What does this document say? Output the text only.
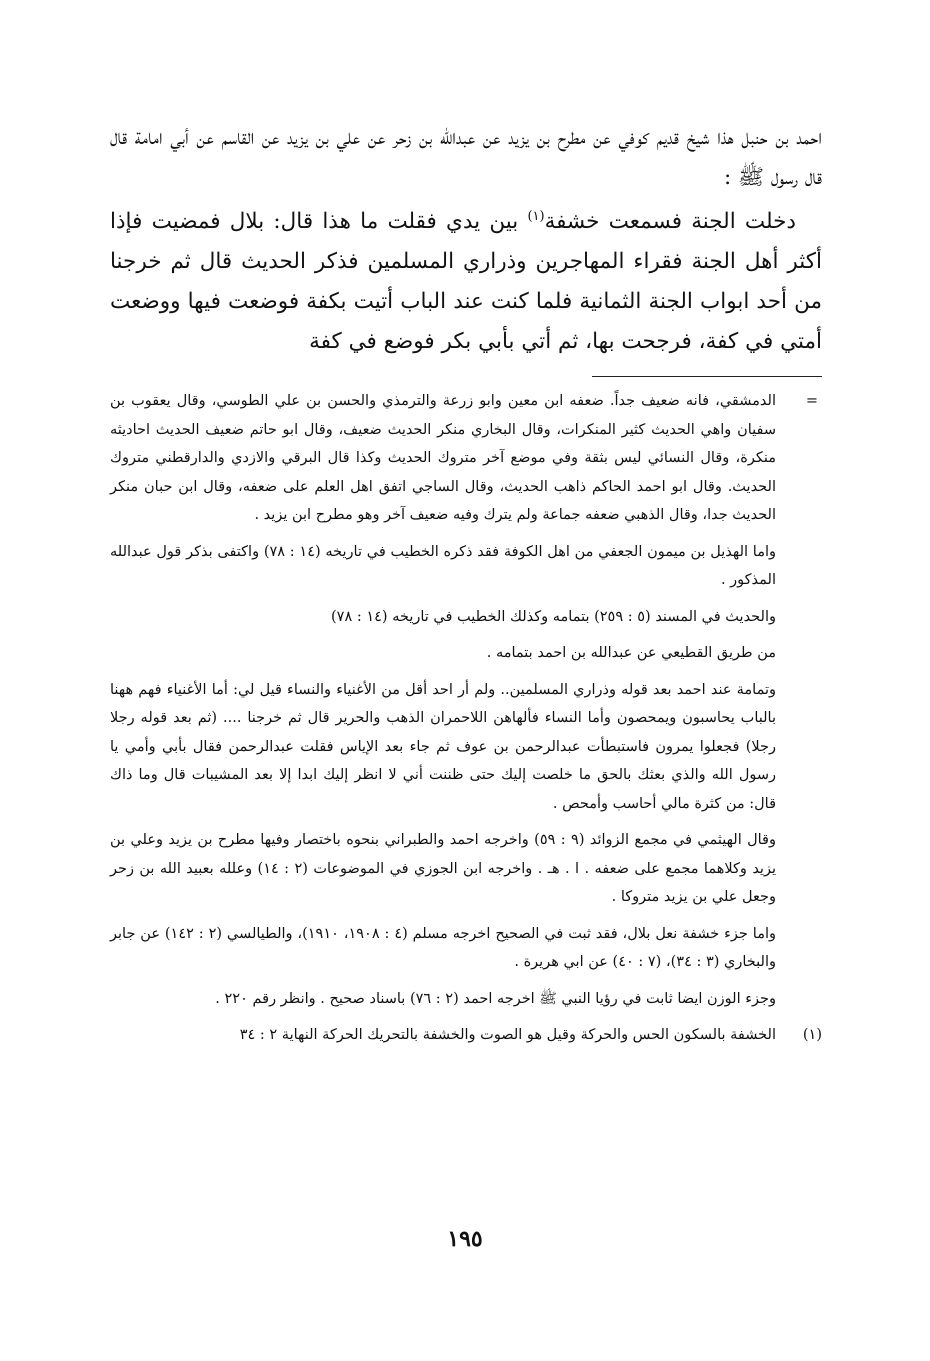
احمد بن حنبل هذا شيخ قديم كوفي عن مطرح بن يزيد عن عبدالله بن زحر عن علي بن يزيد عن القاسم عن أبي امامة قال قال رسول ﷺ :

دخلت الجنة فسمعت خشفة$^{(١)}$ بين يدي فقلت ما هذا قال: بلال فمضيت فإذا أكثر أهل الجنة فقراء المهاجرين وذراري المسلمين فذكر الحديث قال ثم خرجنا من أحد ابواب الجنة الثمانية فلما كنت عند الباب أتيت بكفة فوضعت فيها ووضعت أمتي في كفة، فرجحت بها، ثم أتي بأبي بكر فوضع في كفة

=
الدمشقي، فانه ضعيف جداً. ضعفه ابن معين وابو زرعة والترمذي والحسن بن علي الطوسي، وقال يعقوب بن سفيان واهي الحديث كثير المنكرات، وقال البخاري منكر الحديث ضعيف، وقال ابو حاتم ضعيف الحديث احاديثه منكرة، وقال النسائي ليس بثقة وفي موضع آخر متروك الحديث وكذا قال البرقي والازدي والدارقطني متروك الحديث. وقال ابو احمد الحاكم ذاهب الحديث، وقال الساجي اتفق اهل العلم على ضعفه، وقال ابن حبان منكر الحديث جدا، وقال الذهبي ضعفه جماعة ولم يترك وفيه ضعيف آخر وهو مطرح ابن يزيد .

واما الهذيل بن ميمون الجعفي من اهل الكوفة فقد ذكره الخطيب في تاريخه (١٤ : ٧٨) واكتفى بذكر قول عبدالله المذكور .

والحديث في المسند (٥ : ٢٥٩) بتمامه وكذلك الخطيب في تاريخه (١٤ : ٧٨)

من طريق القطيعي عن عبدالله بن احمد بتمامه .

وتمامة عند احمد بعد قوله وذراري المسلمين.. ولم أر احد أقل من الأغنياء والنساء قيل لي: أما الأغنياء فهم ههنا بالباب يحاسبون ويمحصون وأما النساء فألهاهن اللاحمران الذهب والحرير قال ثم خرجنا .... (ثم بعد قوله رجلا رجلا) فجعلوا يمرون فاستبطأت عبدالرحمن بن عوف ثم جاء بعد الإياس فقلت عبدالرحمن فقال بأبي وأمي يا رسول الله والذي بعثك بالحق ما خلصت إليك حتى ظننت أني لا انظر إليك ابدا إلا بعد المشيبات قال وما ذاك قال: من كثرة مالي أحاسب وأمحص .

وقال الهيثمي في مجمع الزوائد (٩ : ٥٩) واخرجه احمد والطبراني بنحوه باختصار وفيها مطرح بن يزيد وعلي بن يزيد وكلاهما مجمع على ضعفه . ا . هـ . واخرجه ابن الجوزي في الموضوعات (٢ : ١٤) وعلله بعبيد الله بن زحر وجعل علي بن يزيد متروكا .

واما جزء خشفة نعل بلال، فقد ثبت في الصحيح اخرجه مسلم (٤ : ١٩٠٨، ١٩١٠)، والطيالسي (٢ : ١٤٢) عن جابر والبخاري (٣ : ٣٤)، (٧ : ٤٠) عن ابي هريرة .

وجزء الوزن ايضا ثابت في رؤيا النبي ﷺ اخرجه احمد (٢ : ٧٦) باسناد صحيح . وانظر رقم ٢٢٠ .

(١)
الخشفة بالسكون الحس والحركة وقيل هو الصوت والخشفة بالتحريك الحركة النهاية ٢ : ٣٤

١٩٥
